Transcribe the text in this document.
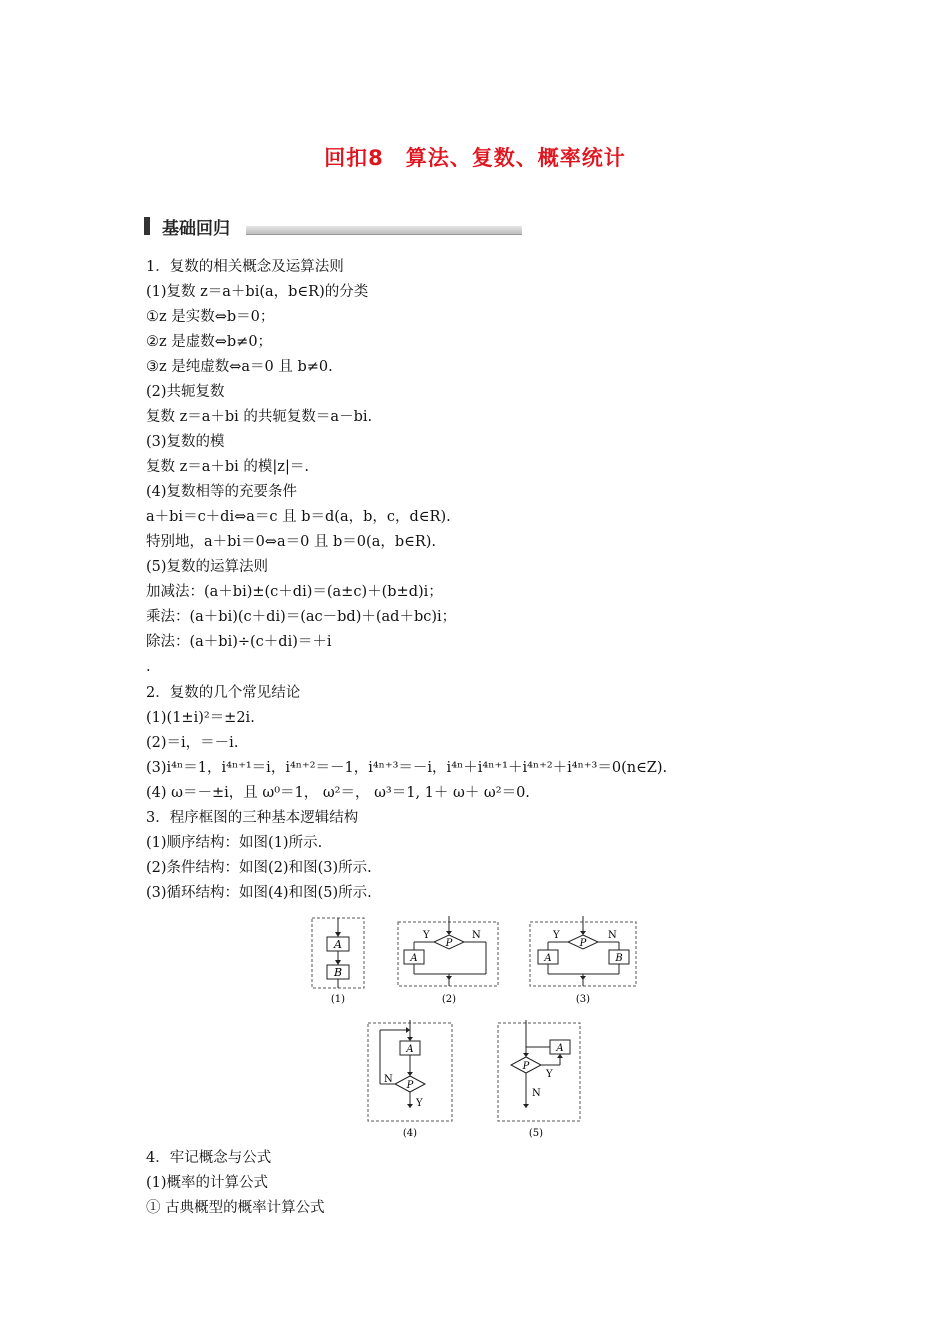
回扣8　算法、复数、概率统计
基础回归
1．复数的相关概念及运算法则
(1)复数 z＝a＋bi(a，b∈R)的分类
①z 是实数⇔b＝0；
②z 是虚数⇔b≠0；
③z 是纯虚数⇔a＝0 且 b≠0.
(2)共轭复数
复数 z＝a＋bi 的共轭复数＝a－bi.
(3)复数的模
复数 z＝a＋bi 的模|z|＝.
(4)复数相等的充要条件
a＋bi＝c＋di⇔a＝c 且 b＝d(a，b，c，d∈R).
特别地，a＋bi＝0⇔a＝0 且 b＝0(a，b∈R).
(5)复数的运算法则
加减法：(a＋bi)±(c＋di)＝(a±c)＋(b±d)i；
乘法：(a＋bi)(c＋di)＝(ac－bd)＋(ad＋bc)i；
除法：(a＋bi)÷(c＋di)＝＋i
.
2．复数的几个常见结论
(1)(1±i)²＝±2i.
(2)＝i，＝－i.
(3)i⁴ⁿ＝1，i⁴ⁿ⁺¹＝i，i⁴ⁿ⁺²＝－1，i⁴ⁿ⁺³＝－i，i⁴ⁿ＋i⁴ⁿ⁺¹＋i⁴ⁿ⁺²＋i⁴ⁿ⁺³＝0(n∈Z).
(4) ω＝－±i，且 ω⁰＝1， ω²＝， ω³＝1, 1＋ ω＋ ω²＝0.
3．程序框图的三种基本逻辑结构
(1)顺序结构：如图(1)所示.
(2)条件结构：如图(2)和图(3)所示.
(3)循环结构：如图(4)和图(5)所示.
A
B
(1)
P
Y	N
A
(2)
P
Y	N
A	B
(3)
A
P
N
Y
(4)
P
A
Y
N
(5)
4．牢记概念与公式
(1)概率的计算公式
① 古典概型的概率计算公式
